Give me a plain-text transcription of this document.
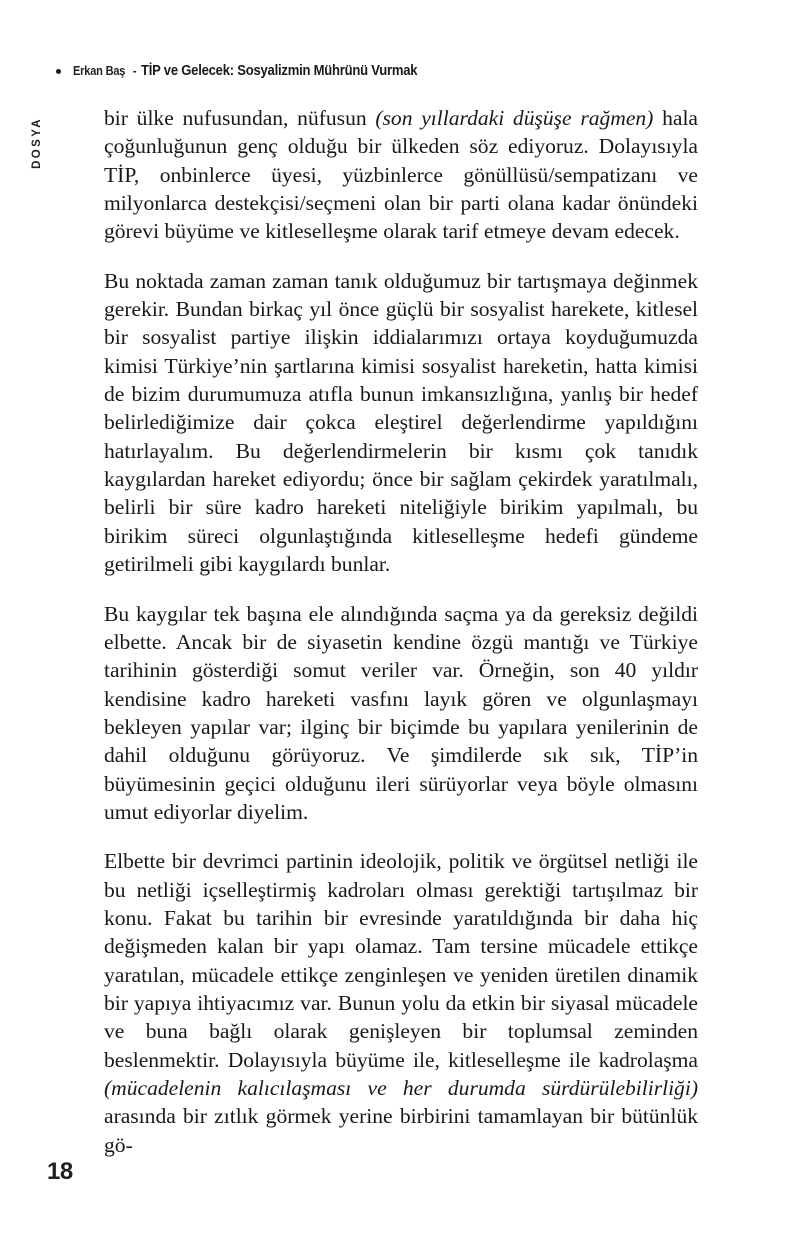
Erkan Baş - TİP ve Gelecek: Sosyalizmin Mührünü Vurmak
DOSYA	bir ülke nufusundan, nüfusun (son yıllardaki düşüşe rağmen) hala çoğunluğunun genç olduğu bir ülkeden söz ediyoruz. Dolayısıyla TİP, onbinlerce üyesi, yüzbinlerce gönüllüsü/sempatizanı ve milyonlarca destekçisi/seçmeni olan bir parti olana kadar önündeki görevi büyüme ve kitleselleşme olarak tarif etmeye devam edecek.

Bu noktada zaman zaman tanık olduğumuz bir tartışmaya değinmek gerekir. Bundan birkaç yıl önce güçlü bir sosyalist harekete, kitlesel bir sosyalist partiye ilişkin iddialarımızı ortaya koyduğumuzda kimisi Türkiye’nin şartlarına kimisi sosyalist hareketin, hatta kimisi de bizim durumumuza atıfla bunun imkansızlığına, yanlış bir hedef belirlediğimize dair çokca eleştirel değerlendirme yapıldığını hatırlayalım. Bu değerlendirmelerin bir kısmı çok tanıdık kaygılardan hareket ediyordu; önce bir sağlam çekirdek yaratılmalı, belirli bir süre kadro hareketi niteliğiyle birikim yapılmalı, bu birikim süreci olgunlaştığında kitleselleşme hedefi gündeme getirilmeli gibi kaygılardı bunlar.

Bu kaygılar tek başına ele alındığında saçma ya da gereksiz değildi elbette. Ancak bir de siyasetin kendine özgü mantığı ve Türkiye tarihinin gösterdiği somut veriler var. Örneğin, son 40 yıldır kendisine kadro hareketi vasfını layık gören ve olgunlaşmayı bekleyen yapılar var; ilginç bir biçimde bu yapılara yenilerinin de dahil olduğunu görüyoruz. Ve şimdilerde sık sık, TİP’in büyümesinin geçici olduğunu ileri sürüyorlar veya böyle olmasını umut ediyorlar diyelim.

Elbette bir devrimci partinin ideolojik, politik ve örgütsel netliği ile bu netliği içselleştirmiş kadroları olması gerektiği tartışılmaz bir konu. Fakat bu tarihin bir evresinde yaratıldığında bir daha hiç değişmeden kalan bir yapı olamaz. Tam tersine mücadele ettikçe yaratılan, mücadele ettikçe zenginleşen ve yeniden üretilen dinamik bir yapıya ihtiyacımız var. Bunun yolu da etkin bir siyasal mücadele ve buna bağlı olarak genişleyen bir toplumsal zeminden beslenmektir. Dolayısıyla büyüme ile, kitleselleşme ile kadrolaşma (mücadelenin kalıcılaşması ve her durumda sürdürülebilirliği) arasında bir zıtlık görmek yerine birbirini tamamlayan bir bütünlük gö-

18
